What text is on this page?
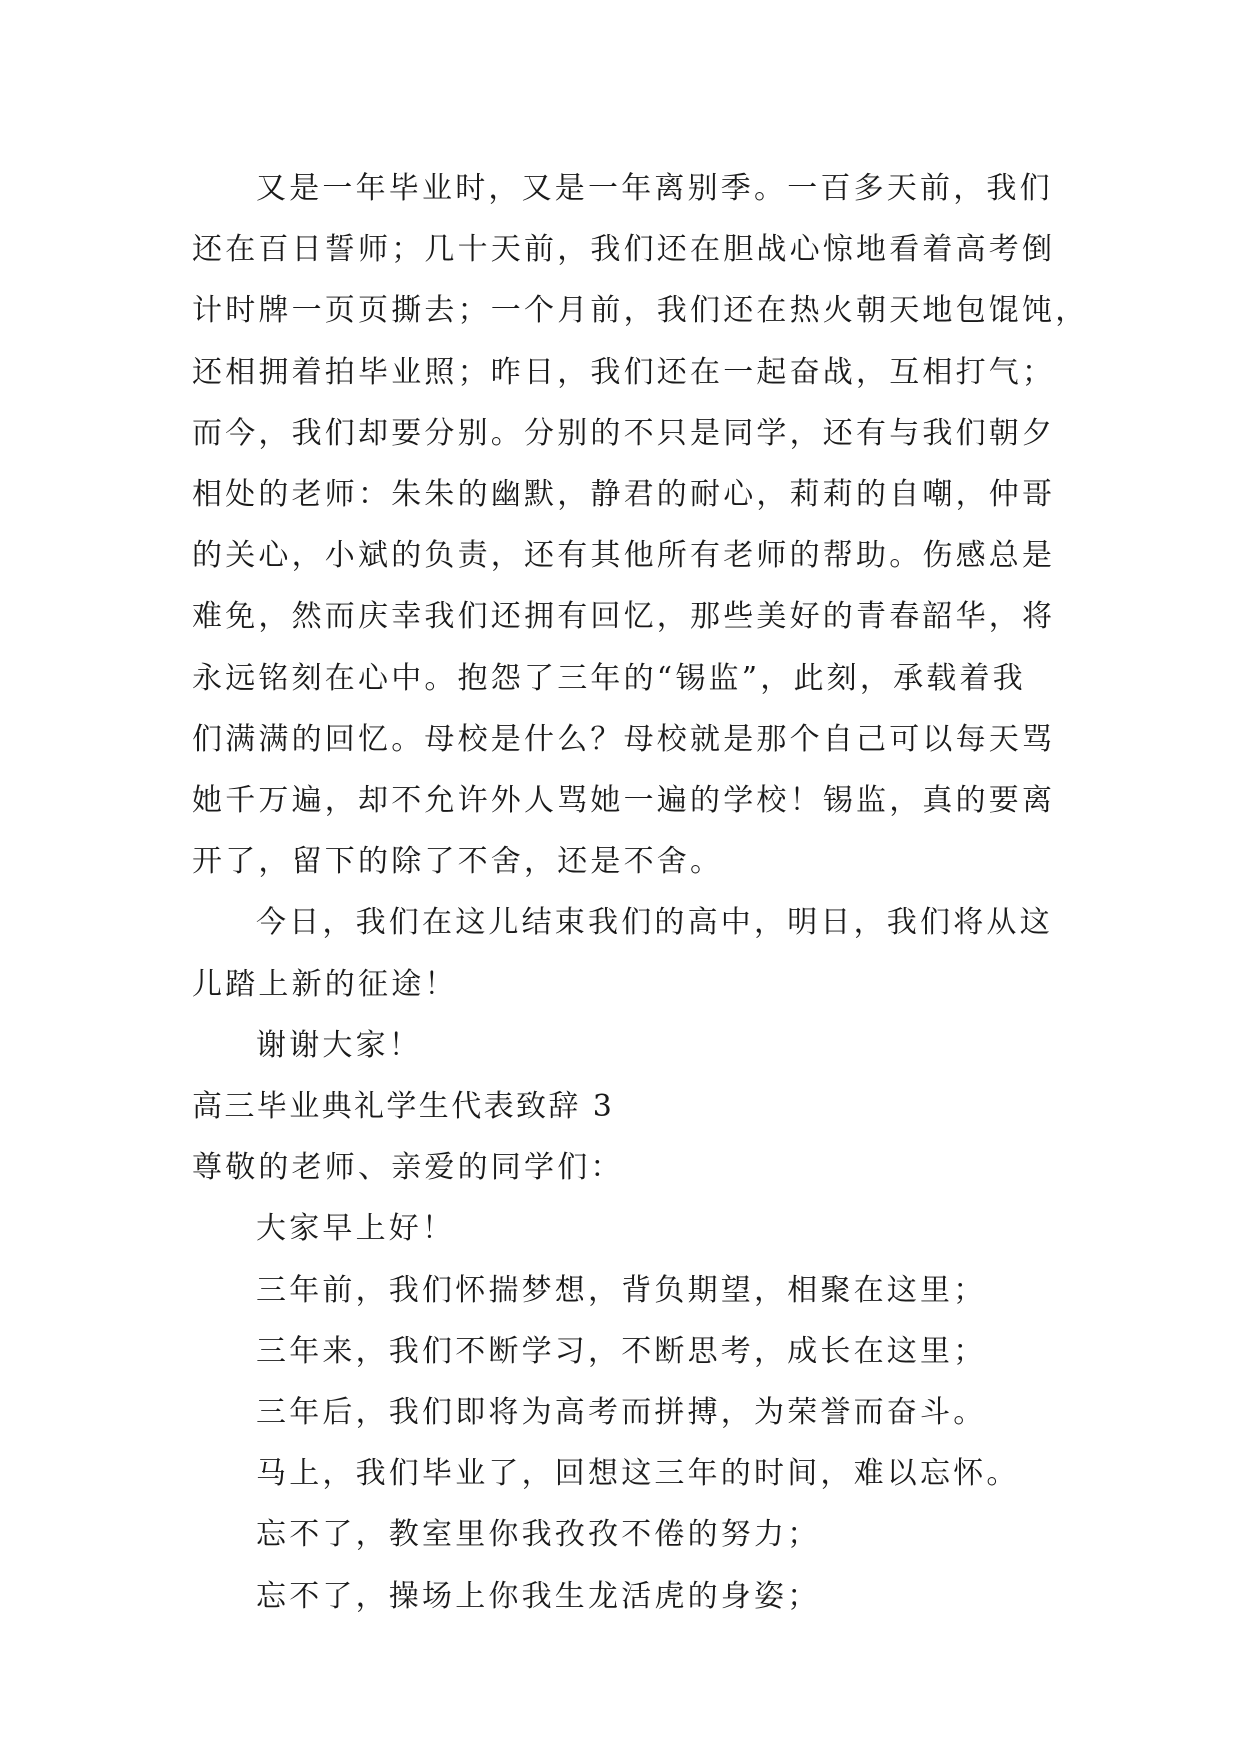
又是一年毕业时，又是一年离别季。一百多天前，我们
还在百日誓师；几十天前，我们还在胆战心惊地看着高考倒
计时牌一页页撕去；一个月前，我们还在热火朝天地包馄饨，
还相拥着拍毕业照；昨日，我们还在一起奋战，互相打气；
而今，我们却要分别。分别的不只是同学，还有与我们朝夕
相处的老师：朱朱的幽默，静君的耐心，莉莉的自嘲，仲哥
的关心，小斌的负责，还有其他所有老师的帮助。伤感总是
难免，然而庆幸我们还拥有回忆，那些美好的青春韶华，将
永远铭刻在心中。抱怨了三年的“锡监”，此刻，承载着我
们满满的回忆。母校是什么？母校就是那个自己可以每天骂
她千万遍，却不允许外人骂她一遍的学校！锡监，真的要离
开了，留下的除了不舍，还是不舍。

今日，我们在这儿结束我们的高中，明日，我们将从这
儿踏上新的征途！

谢谢大家！

高三毕业典礼学生代表致辞 3

尊敬的老师、亲爱的同学们：

大家早上好！

三年前，我们怀揣梦想，背负期望，相聚在这里；

三年来，我们不断学习，不断思考，成长在这里；

三年后，我们即将为高考而拼搏，为荣誉而奋斗。

马上，我们毕业了，回想这三年的时间，难以忘怀。

忘不了，教室里你我孜孜不倦的努力；

忘不了，操场上你我生龙活虎的身姿；
